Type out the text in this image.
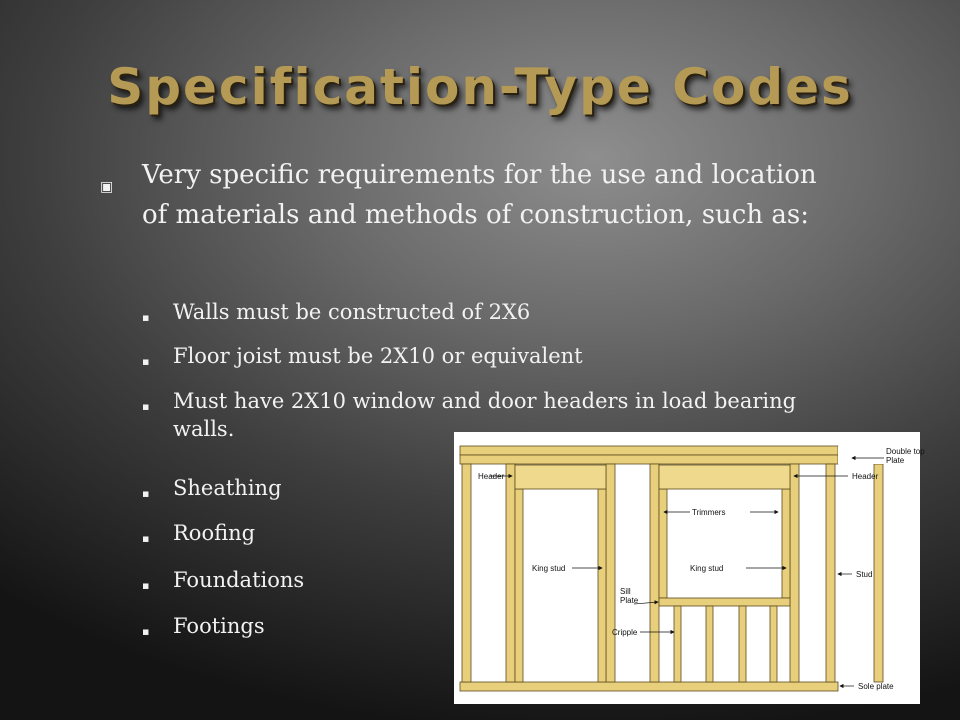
Specification-Type Codes
▣ Very specific requirements for the use and location of materials and methods of construction, such as:
▪ Walls must be constructed of 2X6
▪ Floor joist must be 2X10 or equivalent
▪ Must have 2X10 window and door headers in load bearing walls.
▪ Sheathing
▪ Roofing
▪ Foundations
▪ Footings
Double top
Plate
Header	Header
Trimmers
King stud	King stud
Stud
Sill
Plate
Cripple
Sole plate
